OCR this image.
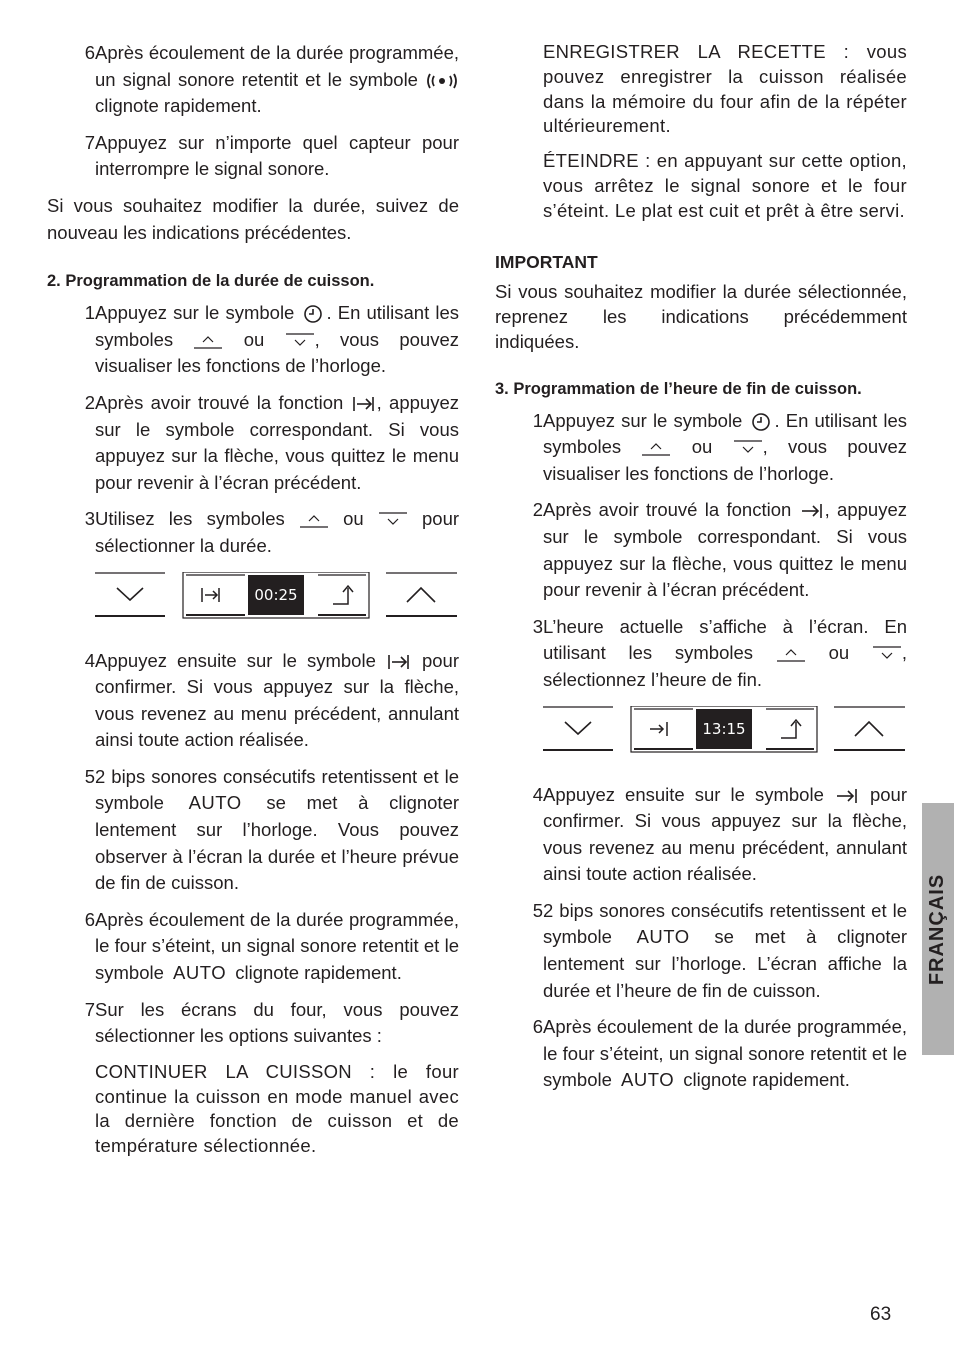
6 Après écoulement de la durée programmée, un signal sonore retentit et le symbole  clignote rapidement.

7 Appuyez sur n’importe quel capteur pour interrompre le signal sonore.

Si vous souhaitez modifier la durée, suivez de nouveau les indications précédentes.

2. Programmation de la durée de cuisson.

1 Appuyez sur le symbole . En utilisant les symboles	ou	, vous pouvez visualiser les fonctions de l’horloge.

2 Après avoir trouvé la fonction , appuyez sur le symbole correspondant. Si vous appuyez sur la flèche, vous quittez le menu pour revenir à l’écran précédent.

3 Utilisez les symboles	ou	pour sélectionner la durée.

00:25
4 Appuyez ensuite sur le symbole pour confirmer. Si vous appuyez sur la flèche, vous revenez au menu précédent, annulant ainsi toute action réalisée.

5 2 bips sonores consécutifs retentissent et le symbole AUTO se met à clignoter lentement sur l’horloge. Vous pouvez observer à l’écran la durée et l’heure prévue de fin de cuisson.

6 Après écoulement de la durée programmée, le four s’éteint, un signal sonore retentit et le symbole AUTO clignote rapidement.

7 Sur les écrans du four, vous pouvez sélectionner les options suivantes :

CONTINUER LA CUISSON : le four continue la cuisson en mode manuel avec la dernière fonction de cuisson et de température sélectionnée.

ENREGISTRER LA RECETTE : vous pouvez enregistrer la cuisson réalisée dans la mémoire du four afin de la répéter ultérieurement.

ÉTEINDRE : en appuyant sur cette option, vous arrêtez le signal sonore et le four s’éteint. Le plat est cuit et prêt à être servi.

IMPORTANT

Si vous souhaitez modifier la durée sélectionnée, reprenez les indications précédemment indiquées.

3. Programmation de l’heure de fin de cuisson.

1 Appuyez sur le symbole . En utilisant les symboles	ou	, vous pouvez visualiser les fonctions de l’horloge.

2 Après avoir trouvé la fonction , appuyez sur le symbole correspondant. Si vous appuyez sur la flèche, vous quittez le menu pour revenir à l’écran précédent.

3 L’heure actuelle s’affiche à l’écran. En utilisant les symboles	ou	, sélectionnez l’heure de fin.

13:15
4 Appuyez ensuite sur le symbole pour confirmer. Si vous appuyez sur la flèche, vous revenez au menu précédent, annulant ainsi toute action réalisée.

5 2 bips sonores consécutifs retentissent et le symbole AUTO se met à clignoter lentement sur l’horloge. L’écran affiche la durée et l’heure de fin de cuisson.

6 Après écoulement de la durée programmée, le four s’éteint, un signal sonore retentit et le symbole AUTO clignote rapidement.

FRANÇAIS
63
